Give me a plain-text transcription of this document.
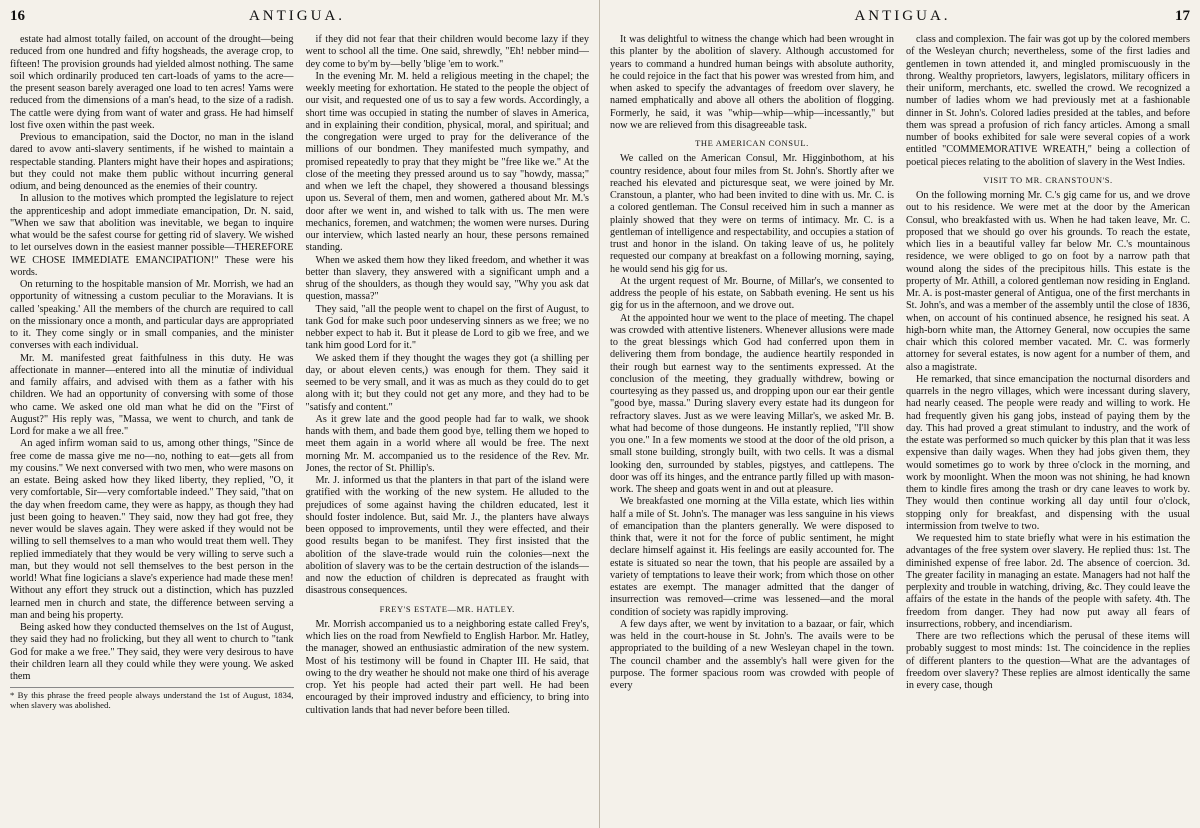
16	ANTIGUA.

estate had almost totally failed, on account of the drought—being reduced from one hundred and fifty hogsheads, the average crop, to fifteen! The provision grounds had yielded almost nothing. The same soil which ordinarily produced ten cart-loads of yams to the acre—the present season barely averaged one load to ten acres! Yams were reduced from the dimensions of a man's head, to the size of a radish. The cattle were dying from want of water and grass. He had himself lost five oxen within the past week.

Previous to emancipation, said the Doctor, no man in the island dared to avow anti-slavery sentiments, if he wished to maintain a respectable standing. Planters might have their hopes and aspirations; but they could not make them public without incurring general odium, and being denounced as the enemies of their country.

In allusion to the motives which prompted the legislature to reject the apprenticeship and adopt immediate emancipation, Dr. N. said, "When we saw that abolition was inevitable, we began to inquire what would be the safest course for getting rid of slavery. We wished to let ourselves down in the easiest manner possible—THEREFORE WE CHOSE IMMEDIATE EMANCIPATION!" These were his words.

On returning to the hospitable mansion of Mr. Morrish, we had an opportunity of witnessing a custom peculiar to the Moravians. It is called 'speaking.' All the members of the church are required to call on the missionary once a month, and particular days are appropriated to it. They come singly or in small companies, and the minister converses with each individual.

Mr. M. manifested great faithfulness in this duty. He was affectionate in manner—entered into all the minutiæ of individual and family affairs, and advised with them as a father with his children. We had an opportunity of conversing with some of those who came. We asked one old man what he did on the "First of August?" His reply was, "Massa, we went to church, and tank de Lord for make a we all free."

An aged infirm woman said to us, among other things, "Since de free come de massa give me no—no, nothing to eat—gets all from my cousins." We next conversed with two men, who were masons on an estate. Being asked how they liked liberty, they replied, "O, it very comfortable, Sir—very comfortable indeed." They said, "that on the day when freedom came, they were as happy, as though they had just been going to heaven." They said, now they had got free, they never would be slaves again. They were asked if they would not be willing to sell themselves to a man who would treat them well. They replied immediately that they would be very willing to serve such a man, but they would not sell themselves to the best person in the world! What fine logicians a slave's experience had made these men! Without any effort they struck out a distinction, which has puzzled learned men in church and state, the difference between serving a man and being his property.

Being asked how they conducted themselves on the 1st of August, they said they had no frolicking, but they all went to church to "tank God for make a we free." They said, they were very desirous to have their children learn all they could while they were young. We asked them

* By this phrase the freed people always understand the 1st of August, 1834, when slavery was abolished.

if they did not fear that their children would become lazy if they went to school all the time. One said, shrewdly, "Eh! nebber mind—dey come to by'm by—belly 'blige 'em to work."

In the evening Mr. M. held a religious meeting in the chapel; the weekly meeting for exhortation. He stated to the people the object of our visit, and requested one of us to say a few words. Accordingly, a short time was occupied in stating the number of slaves in America, and in explaining their condition, physical, moral, and spiritual; and the congregation were urged to pray for the deliverance of the millions of our bondmen. They manifested much sympathy, and promised repeatedly to pray that they might be "free like we." At the close of the meeting they pressed around us to say "howdy, massa;" and when we left the chapel, they showered a thousand blessings upon us. Several of them, men and women, gathered about Mr. M.'s door after we went in, and wished to talk with us. The men were mechanics, foremen, and watchmen; the women were nurses. During our interview, which lasted nearly an hour, these persons remained standing.

When we asked them how they liked freedom, and whether it was better than slavery, they answered with a significant umph and a shrug of the shoulders, as though they would say, "Why you ask dat question, massa?"

They said, "all the people went to chapel on the first of August, to tank God for make such poor undeserving sinners as we free; we no nebber expect to hab it. But it please de Lord to gib we free, and we tank him good Lord for it."

We asked them if they thought the wages they got (a shilling per day, or about eleven cents,) was enough for them. They said it seemed to be very small, and it was as much as they could do to get along with it; but they could not get any more, and they had to be "satisfy and content."

As it grew late and the good people had far to walk, we shook hands with them, and bade them good bye, telling them we hoped to meet them again in a world where all would be free. The next morning Mr. M. accompanied us to the residence of the Rev. Mr. Jones, the rector of St. Phillip's.

Mr. J. informed us that the planters in that part of the island were gratified with the working of the new system. He alluded to the prejudices of some against having the children educated, lest it should foster indolence. But, said Mr. J., the planters have always been opposed to improvements, until they were effected, and their good results began to be manifest. They first insisted that the abolition of the slave-trade would ruin the colonies—next the abolition of slavery was to be the certain destruction of the islands—and now the eduction of children is deprecated as fraught with disastrous consequences.

FREY'S ESTATE—MR. HATLEY.

Mr. Morrish accompanied us to a neighboring estate called Frey's, which lies on the road from Newfield to English Harbor. Mr. Hatley, the manager, showed an enthusiastic admiration of the new system. Most of his testimony will be found in Chapter III. He said, that owing to the dry weather he should not make one third of his average crop. Yet his people had acted their part well. He had been encouraged by their improved industry and efficiency, to bring into cultivation lands that had never before been tilled.

ANTIGUA.	17

It was delightful to witness the change which had been wrought in this planter by the abolition of slavery. Although accustomed for years to command a hundred human beings with absolute authority, he could rejoice in the fact that his power was wrested from him, and when asked to specify the advantages of freedom over slavery, he named emphatically and above all others the abolition of flogging. Formerly, he said, it was "whip—whip—whip—incessantly," but now we are relieved from this disagreeable task.

THE AMERICAN CONSUL.

We called on the American Consul, Mr. Higginbothom, at his country residence, about four miles from St. John's. Shortly after we reached his elevated and picturesque seat, we were joined by Mr. Cranstoun, a planter, who had been invited to dine with us. Mr. C. is a colored gentleman. The Consul received him in such a manner as plainly showed that they were on terms of intimacy. Mr. C. is a gentleman of intelligence and respectability, and occupies a station of trust and honor in the island. On taking leave of us, he politely requested our company at breakfast on a following morning, saying, he would send his gig for us.

At the urgent request of Mr. Bourne, of Millar's, we consented to address the people of his estate, on Sabbath evening. He sent us his gig for us in the afternoon, and we drove out.

At the appointed hour we went to the place of meeting. The chapel was crowded with attentive listeners. Whenever allusions were made to the great blessings which God had conferred upon them in delivering them from bondage, the audience heartily responded in their rough but earnest way to the sentiments expressed. At the conclusion of the meeting, they gradually withdrew, bowing or courtesying as they passed us, and dropping upon our ear their gentle "good bye, massa." During slavery every estate had its dungeon for refractory slaves. Just as we were leaving Millar's, we asked Mr. B. what had become of those dungeons. He instantly replied, "I'll show you one." In a few moments we stood at the door of the old prison, a small stone building, strongly built, with two cells. It was a dismal looking den, surrounded by stables, pigstyes, and cattlepens. The door was off its hinges, and the entrance partly filled up with mason-work. The sheep and goats went in and out at pleasure.

We breakfasted one morning at the Villa estate, which lies within half a mile of St. John's. The manager was less sanguine in his views of emancipation than the planters generally. We were disposed to think that, were it not for the force of public sentiment, he might declare himself against it. His feelings are easily accounted for. The estate is situated so near the town, that his people are assailed by a variety of temptations to leave their work; from which those on other estates are exempt. The manager admitted that the danger of insurrection was removed—crime was lessened—and the moral condition of society was rapidly improving.

A few days after, we went by invitation to a bazaar, or fair, which was held in the court-house in St. John's. The avails were to be appropriated to the building of a new Wesleyan chapel in the town. The council chamber and the assembly's hall were given for the purpose. The former spacious room was crowded with people of every

class and complexion. The fair was got up by the colored members of the Wesleyan church; nevertheless, some of the first ladies and gentlemen in town attended it, and mingled promiscuously in the throng. Wealthy proprietors, lawyers, legislators, military officers in their uniform, merchants, etc. swelled the crowd. We recognized a number of ladies whom we had previously met at a fashionable dinner in St. John's. Colored ladies presided at the tables, and before them was spread a profusion of rich fancy articles. Among a small number of books exhibited for sale were several copies of a work entitled "COMMEMORATIVE WREATH," being a collection of poetical pieces relating to the abolition of slavery in the West Indies.

VISIT TO MR. CRANSTOUN'S.

On the following morning Mr. C.'s gig came for us, and we drove out to his residence. We were met at the door by the American Consul, who breakfasted with us. When he had taken leave, Mr. C. proposed that we should go over his grounds. To reach the estate, which lies in a beautiful valley far below Mr. C.'s mountainous residence, we were obliged to go on foot by a narrow path that wound along the sides of the precipitous hills. This estate is the property of Mr. Athill, a colored gentleman now residing in England. Mr. A. is post-master general of Antigua, one of the first merchants in St. John's, and was a member of the assembly until the close of 1836, when, on account of his continued absence, he resigned his seat. A high-born white man, the Attorney General, now occupies the same chair which this colored member vacated. Mr. C. was formerly attorney for several estates, is now agent for a number of them, and also a magistrate.

He remarked, that since emancipation the nocturnal disorders and quarrels in the negro villages, which were incessant during slavery, had nearly ceased. The people were ready and willing to work. He had frequently given his gang jobs, instead of paying them by the day. This had proved a great stimulant to industry, and the work of the estate was performed so much quicker by this plan that it was less expensive than daily wages. When they had jobs given them, they would sometimes go to work by three o'clock in the morning, and work by moonlight. When the moon was not shining, he had known them to kindle fires among the trash or dry cane leaves to work by. They would then continue working all day until four o'clock, stopping only for breakfast, and dispensing with the usual intermission from twelve to two.

We requested him to state briefly what were in his estimation the advantages of the free system over slavery. He replied thus: 1st. The diminished expense of free labor. 2d. The absence of coercion. 3d. The greater facility in managing an estate. Managers had not half the perplexity and trouble in watching, driving, &c. They could leave the affairs of the estate in the hands of the people with safety. 4th. The freedom from danger. They had now put away all fears of insurrections, robbery, and incendiarism.

There are two reflections which the perusal of these items will probably suggest to most minds: 1st. The coincidence in the replies of different planters to the question—What are the advantages of freedom over slavery? These replies are almost identically the same in every case, though
